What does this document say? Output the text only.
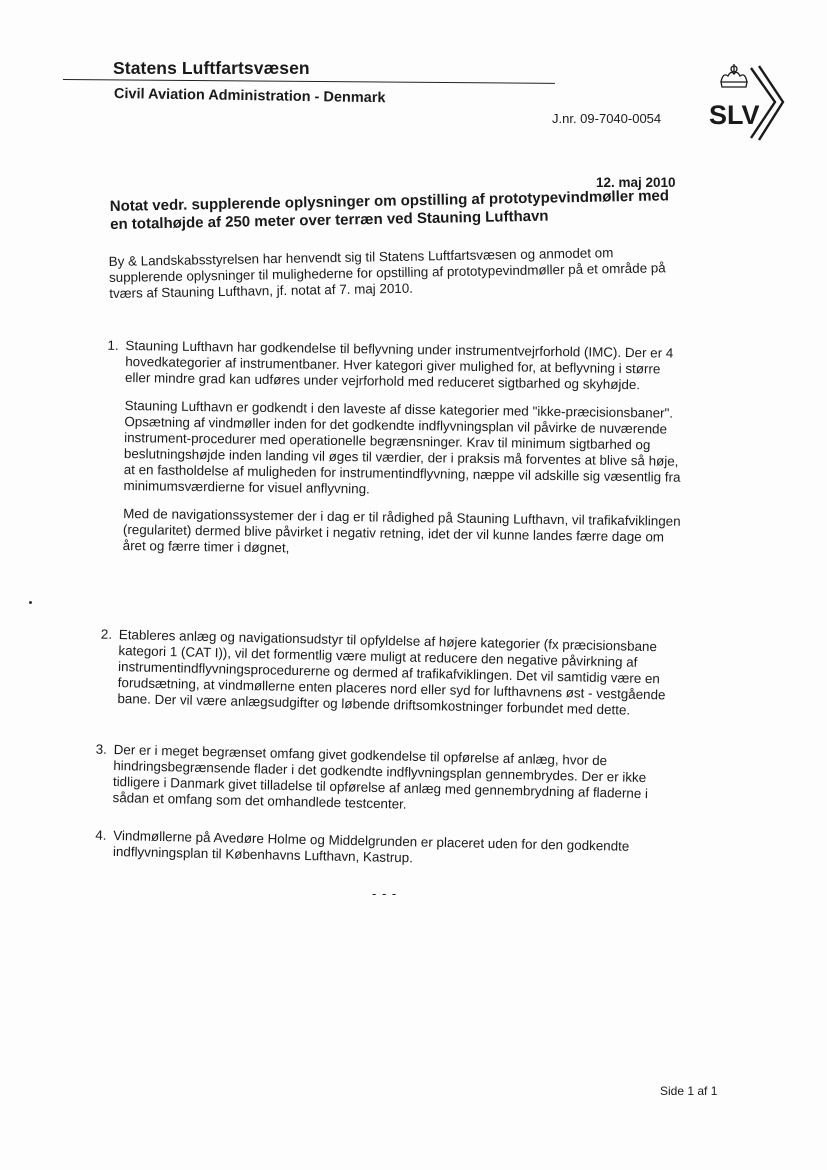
Statens Luftfartsvæsen
Civil Aviation Administration - Denmark
J.nr. 09-7040-0054 SLV
12. maj 2010
Notat vedr. supplerende oplysninger om opstilling af prototypevindmøller med en totalhøjde af 250 meter over terræn ved Stauning Lufthavn
By & Landskabsstyrelsen har henvendt sig til Statens Luftfartsvæsen og anmodet om supplerende oplysninger til mulighederne for opstilling af prototypevindmøller på et område på tværs af Stauning Lufthavn, jf. notat af 7. maj 2010.
1. Stauning Lufthavn har godkendelse til beflyvning under instrumentvejrforhold (IMC). Der er 4 hovedkategorier af instrumentbaner. Hver kategori giver mulighed for, at beflyvning i større eller mindre grad kan udføres under vejrforhold med reduceret sigtbarhed og skyhøjde.

Stauning Lufthavn er godkendt i den laveste af disse kategorier med "ikke-præcisionsbaner". Opsætning af vindmøller inden for det godkendte indflyvningsplan vil påvirke de nuværende instrument-procedurer med operationelle begrænsninger. Krav til minimum sigtbarhed og beslutningshøjde inden landing vil øges til værdier, der i praksis må forventes at blive så høje, at en fastholdelse af muligheden for instrumentindflyvning, næppe vil adskille sig væsentlig fra minimumsværdierne for visuel anflyvning.

Med de navigationssystemer der i dag er til rådighed på Stauning Lufthavn, vil trafikafviklingen (regularitet) dermed blive påvirket i negativ retning, idet der vil kunne landes færre dage om året og færre timer i døgnet,

2. Etableres anlæg og navigationsudstyr til opfyldelse af højere kategorier (fx præcisionsbane kategori 1 (CAT I)), vil det formentlig være muligt at reducere den negative påvirkning af instrumentindflyvningsprocedurerne og dermed af trafikafviklingen. Det vil samtidig være en forudsætning, at vindmøllerne enten placeres nord eller syd for lufthavnens øst - vestgående bane. Der vil være anlægsudgifter og løbende driftsomkostninger forbundet med dette.

3. Der er i meget begrænset omfang givet godkendelse til opførelse af anlæg, hvor de hindringsbegrænsende flader i det godkendte indflyvningsplan gennembrydes. Der er ikke tidligere i Danmark givet tilladelse til opførelse af anlæg med gennembrydning af fladerne i sådan et omfang som det omhandlede testcenter.

4. Vindmøllerne på Avedøre Holme og Middelgrunden er placeret uden for den godkendte indflyvningsplan til Københavns Lufthavn, Kastrup.

- - -
Side 1 af 1
